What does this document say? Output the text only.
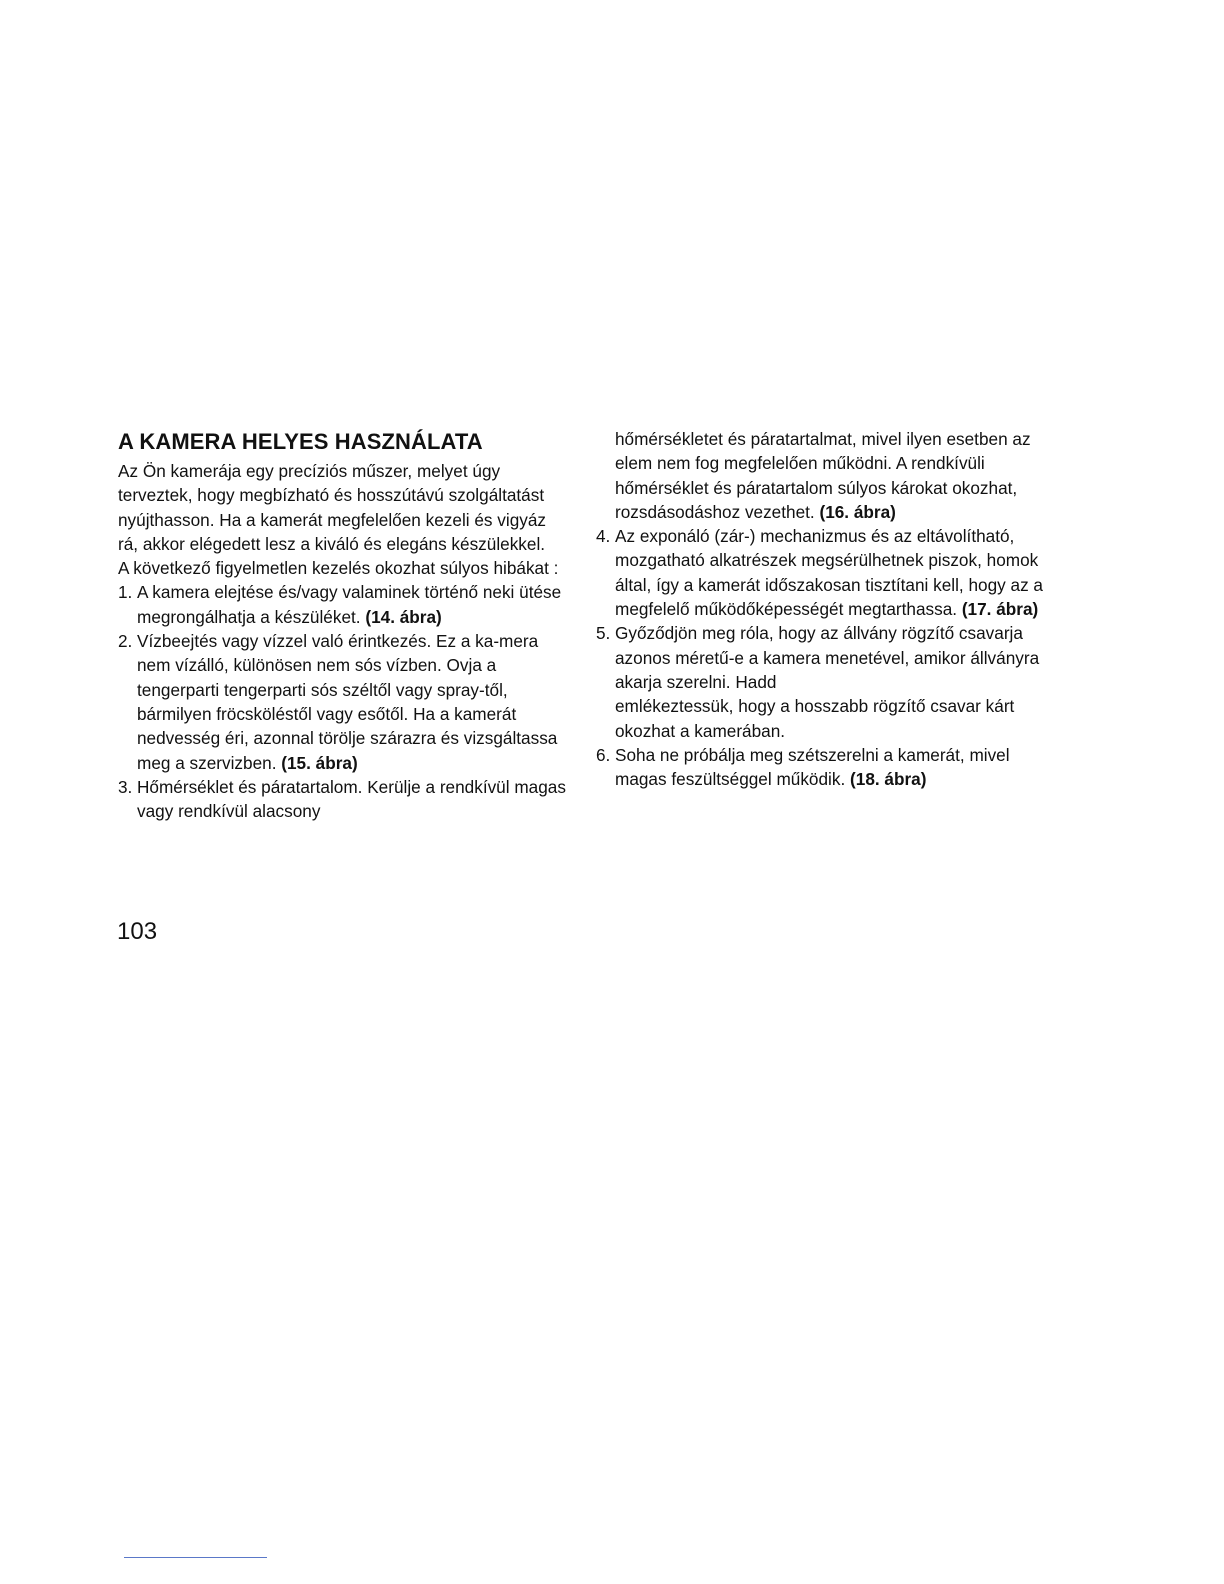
A KAMERA HELYES HASZNÁLATA

Az Ön kamerája egy precíziós műszer, melyet úgy terveztek, hogy megbízható és hosszútávú szolgáltatást nyújthasson. Ha a kamerát megfelelően kezeli és vigyáz rá, akkor elégedett lesz a kiváló és elegáns készülekkel.

A következő figyelmetlen kezelés okozhat súlyos hibákat :

1. A kamera elejtése és/vagy valaminek történő neki ütése megrongálhatja a készüléket. (14. ábra)
2. Vízbeejtés vagy vízzel való érintkezés. Ez a ka-mera nem vízálló, különösen nem sós vízben. Ovja a tengerparti tengerparti sós széltől vagy spray-től, bármilyen fröcsköléstől vagy esőtől. Ha a kamerát nedvesség éri, azonnal törölje szárazra és vizsgáltassa meg a szervizben. (15. ábra)
3. Hőmérséklet és páratartalom. Kerülje a rendkívül magas vagy rendkívül alacsony
103

hőmérsékletet és páratartalmat, mivel ilyen esetben az elem nem fog megfelelően működni. A rendkívüli hőmérséklet és páratartalom súlyos károkat okozhat, rozsdásodáshoz vezethet. (16. ábra)

4. Az exponáló (zár-) mechanizmus és az eltávolítható, mozgatható alkatrészek megsérülhetnek piszok, homok által, így a kamerát időszakosan tisztítani kell, hogy az a megfelelő működőképességét megtarthassa. (17. ábra)
5. Győződjön meg róla, hogy az állvány rögzítő csavarja azonos méretű-e a kamera menetével, amikor állványra akarja szerelni. Hadd
emlékeztessük, hogy a hosszabb rögzítő csavar kárt okozhat a kamerában.
6. Soha ne próbálja meg szétszerelni a kamerát, mivel magas feszültséggel működik. (18. ábra)
